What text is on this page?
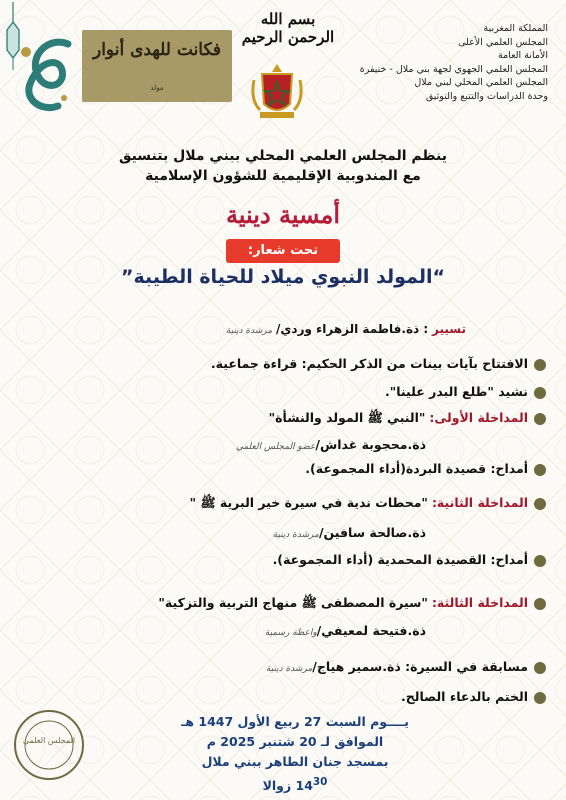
فكانت للهدى أنوار
مولد
بسم الله الرحمن الرحيم	المملكة المغربية
المجلس العلمي الأعلى
الأمانة العامة
المجلس العلمي الجهوي لجهة بني ملال - خنيفرة
المجلس العلمي المحلي لبني ملال
وحدة الدراسات والتتبع والتوثيق
ينظم المجلس العلمي المحلي ببني ملال بتنسيق
مع المندوبية الإقليمية للشؤون الإسلامية
أمسية دينية
تحت شعار:
“المولد النبوي ميلاد للحياة الطيبة”
تسيير : ذة.فاطمة الزهراء وردي/ مرشدة دينية
الافتتاح بآيات بينات من الذكر الحكيم: قراءة جماعية.
نشيد "طلع البدر علينا".
المداخلة الأولى: "النبي ﷺ المولد والنشأة"
ذة.محجوبة غداش/عضو المجلس العلمي
أمداح: قصيدة البردة(أداء المجموعة).
المداخلة الثانية: "محطات ندية في سيرة خير البرية ﷺ "
ذة.صالحة سافين/مرشدة دينية
أمداح: القصيدة المحمدية (أداء المجموعة).
المداخلة الثالثة: "سيرة المصطفى ﷺ منهاج التربية والتزكية"
ذة.فتيحة لمعيفي/واعظة رسمية
مسابقة في السيرة: ذة.سمير هياج/مرشدة دينية
الختم بالدعاء الصالح.
يــــوم السبت 27 ربيع الأول 1447 هـ
الموافق لـ 20 شتنبر 2025 م
بمسجد جنان الطاهر ببني ملال
$14^{30}$ زوالا
المجلس العلمي
